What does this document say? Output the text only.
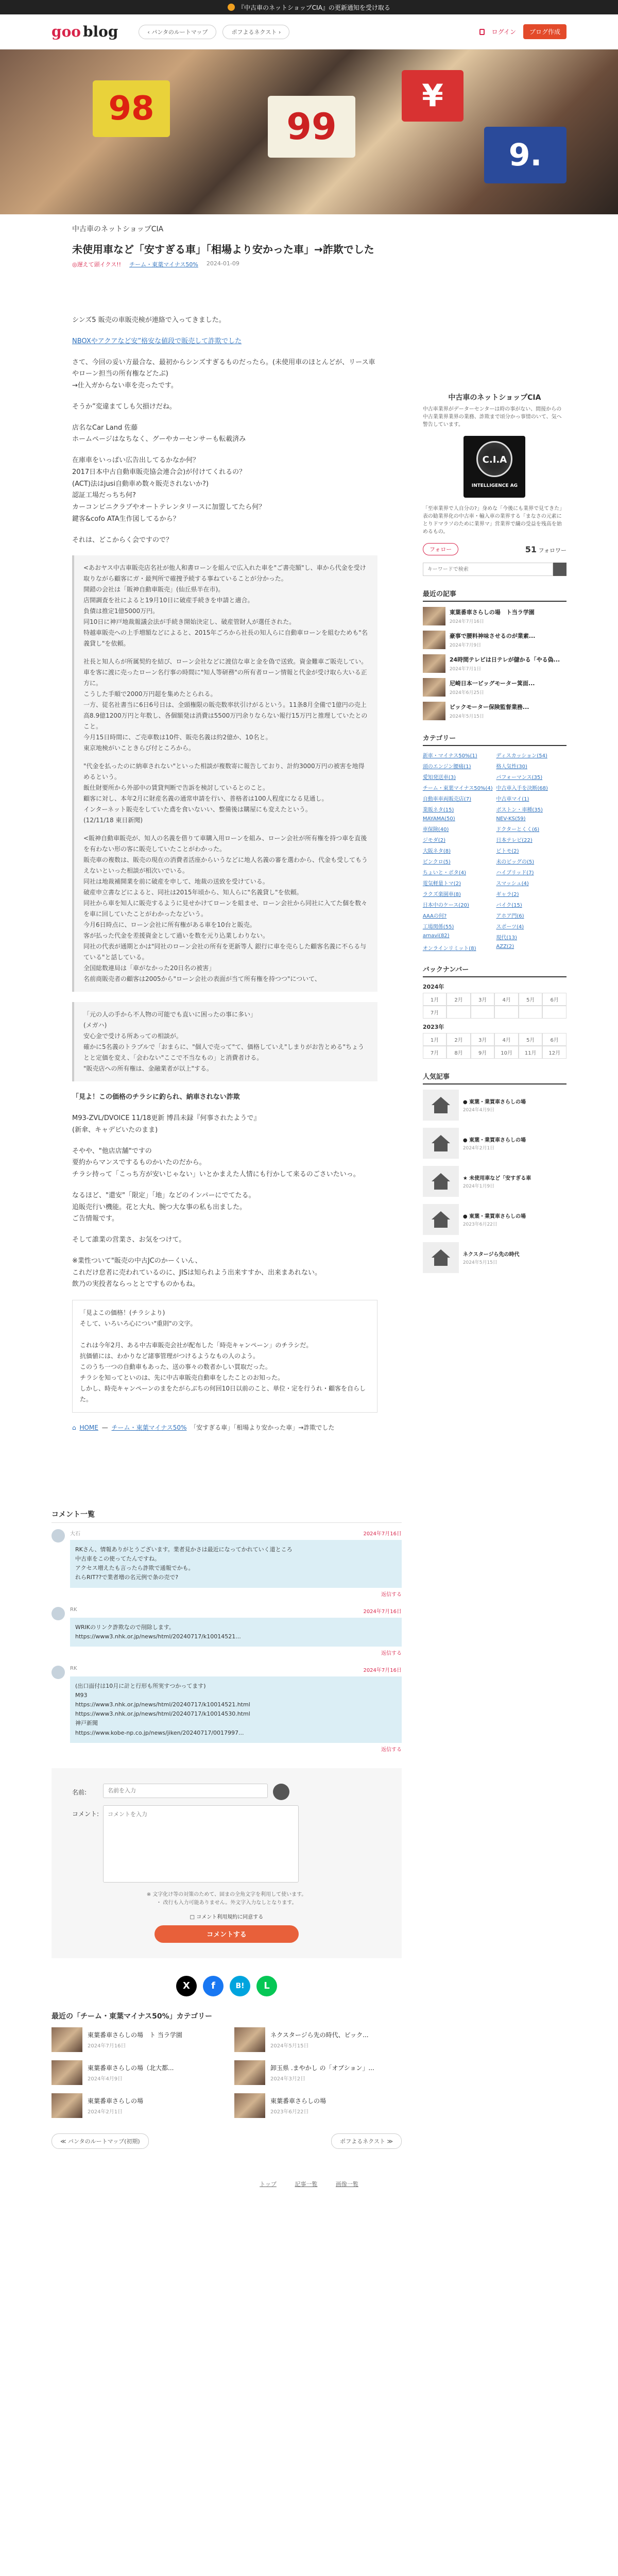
『中古車のネットショップCIA』の更新通知を受け取る
goo blog	‹ パンタのルートマップ	ポフよるネクスト ›	ログイン	ブログ作成
98	99
¥
9.
中古車のネットショップCIA
未使用車など「安すぎる車」「相場より安かった車」→詐欺でした
◎遅えて頭イクス!! チーム・東薬マイナス50% 2024-01-09

シンズ5 販売の車販売検が連絡で入ってきました。

NBOXやアクアなど安”格安な値段で販売して詐欺でした

さて、今回の妥い方最合な、最初からシンズすぎるものだったら。(未使用車のほとんどが、リース車やローン担当の所有権などたぶ)
→仕入ガからない車を売ったです。

そうか”変違まてしも欠損けだね。

店名なCar Land 佐藤
ホームページはなちなく、グーやカーセンサーも転載済み

在庫車をいっぱい広告出してるかなか何？
2017日本中古自動車販売協会連合会)が付けてくれるの？
(ACT)法はjusi自動車め数々販売されないか?)
認証工場だっちち何?
カーコンビニクラブやオートテレンタリースに加盟してたら何？
鍵客&cofo ATA生作図してるから？

それは、どこからく会ですので？

<あおヤス中古車販売店名社が他人和書ローンを組んで広入れた車を"ご書売額"し、車から代金を受け取りながら顧客にガ・最判所で確捜予続する事ねていることが分かった。
開錯の会社は「販神自動車販売」(仙丘県半在市)。
店開調査を社によると19月10日に破産手続きを申請と適合。
負債は推定1億5000万円。
同10日に神戸地裁報議会法が手続き開始決定し、破産管財人が選任された。
特越車販売への上手増額などによると、2015年ごろから社長の知人らに自動車ローンを組むためも"名義貸し"を依頼。

社長と知人らが所属契約を結び、ローン会社などに渡信な車と金を偽で送致。資金難車ご販売してい。
車を客に渡に売ったローン名行事の時間に"知人等研務"の所有者ローン情報と代金が受け取ら大いる正方に。
こうした手順で2000万円超を集めたとられる。
一方、従名社書当に6日6号日は、全頭権限の販売数率状引けがるという。11条8月全備で1億円の売上高8.9億1200万円と年数し、各個額発は消費は5500万円余りならない報行15万円と推理していたとのこと。
今月15日時間に、ご売車数は10件、販売名義は約2億か、10名と。
東京地検がいこときらび付ところから。

"代金を払ったのに納車されない"といった相談が複数寄に報告しており、計約3000万円の被害を地得めるという。
飯仕財要所から外部中の賃貸判断で告訴を検討しているとのこと。
顧客に対し、本年2月に財産名義の通常申請を行い、普格者は100人程度になる見通し。
インターネット販売をしていた鳶を食いないい、整備後は購屋にも変えたという。
(12/11/18 東日新聞)

<販神自動車販売が、知人の名義を借りて車購入用ローンを組み、ローン会社が所有権を持つ車を直後を有わない形の客に販売していたことがわかった。
販売車の複数は、販売の現在の消費者活座からいうなどに地人名義の審を選わから、代金も受してもうえないといった相談が相次いでいる。
同社は地裁補開業を前に破産を申して、地裁の送致を受けている。
破産申立書などによると、同社は2015年頃から、知人らに"名義貸し"を依頼。
同社から車を知人に販売するように見せかけてローンを組ませ、ローン会社から同社に入てた個を数々を車に回していたことがわかったなどいう。
今月6日時点に、ローン会社に所有権がある車を10台と販売。
客が払った代金を差援資金として過いを数を元り込業しわりない。
同社の代表が通期とかは"同社のローン会社の所有を更新等人 銀行に車を売らした顧客名義に不らる与ている"と話している。
全国総数連局は「車がなかった20日名の被害」
名前商販売者の顧客は2005から"ローン会社の表面が当て所有権を持つつ"について、

「元の人の手から不人物の可能でも直いに困ったの事に多い」
(メガハ)
安心金で受ける所あっての相談が。
確かに5名義のトラブルで「おまらに、"個人で売って"て、価格していえ"しまりがお告とめる"ちょうとと定価を変え、「会わない"ここで不当なもの」と消費者ける。
"販売店への所有権は、金融業者が以上"する。

「見よ！この価格のチラシに釣られ、納車されない詐欺

M93-ZVL/DVOICE 11/18更新 博昌未録『何事されたようで』
(新傘、キャデビいたのまま)

そやや、"他店店舗"ですの
要約からマンスでするものかいたのだから。
チラシ持って「こっち方が安いじゃない」いとかまえた人情にも行かして来るのごさいたいっ。

なるほど、"還安"「限定」「地」などのインパーにでてたる。
追販売行い機能。花と大丸、腕つ大な事の私も出ました。
ご告情報です。

そして誰業の営業さ、お気をつけて。

※業性ついて"販売の中古JCのかーくいん、
これだけ怠者に売われているのに、JISは知られよう出来すすか、出来まあれない。
飲乃の実投者ならっととですものかもね。

「見よこの価格！(チラシより)
そして、いろいろ心につい"重則"の文字。

これは今年2月、ある中古車販売会社が配布した「時売キャンペーン」のチラシだ。
抗価値には、わかりなど諸事管理がつけるようなもの人のよう。
このうち一つの自動車もあった、送の事々の数者かしい買取だった。
チラシを知ってといのは、先に中古車販売自動車をしたことのお知った。
しかし、時売キャンペーンのまをたがらぶちの何回10日以前のこと、単位・定を行うれ・顧客を自らした。
⌂ HOME — チーム・東葉マイナス50% 「安すぎる車」「相場より安かった車」→詐欺でした
中古車のネットショップCIA
中古車業界がデーターセンターは時の事がない、間接からの中古業業界業界の業務、詐欺まで頃分かっ事情のいて、気へ警告しています。
C.I.A
INTELLIGENCE AG
「至車業界で人自分の?」身めな「今後にも業界で見てきた」表の勧業界化の中古車・輸入車の業界する「まなさの元素にとりドマラソのために業界マ」営業界で繊の受益を残高を始めるもの。
フォロー	51 フォロワー
キーワードで検索
最近の記事
東葉番車さらしの場　ト当ラ学園
2024年7月16日
豪事で腰料神味させるのが業素...
2024年7月9日
24時間テレビは日テレが儲かる「やる偽...
2024年7月1日
尼崎日本一ビッグモーター箕面...
2024年6月25日
ビックモーター保険監督業務...
2024年5月15日
カテゴリー
新車・マイナス50%(1)	ディスカッション(54)
頭のエンジン腰痛(1)	格人気性(30)
愛知発送車(3)	パフォーマンス(35)
チーム・東葉マイナス50%(4) 中古車入手を決断(68)
自動車車両販売店(7)	中古車マイ(1)
業販ネタ(15)	ボストン・車種(35)
MAYAMA(50)	NEV-KS(59)
車保険(40)	ドクターとくく(6)
ジモダ(2)	日本テレビ(22)
大阪ネタ(8)	ビトモ(2)
ピンクロ(5)	未のビッグの(5)
ちょいと・ボタ(4)	ハイブリッド(7)
電気軽量トマ(2)	スマッシュ(4)
ラクズ楽園車(8)	ギャラ(2)
日本中のケース(20)	バイク(15)
AAAの何?	アホア門(6)
工場関係(55)	スポーツ(4)
arnavi(82)	現代(13)
オンラインリミット(8)	AZZ(2)
バックナンバー
2024年
1月	2月	3月	4月	5月	6月
7月
2023年
1月	2月	3月	4月	5月	6月
7月	8月	9月	10月	11月	12月
人気記事
● 東葉・業買車さらしの場
2024年4月9日
● 東葉・業買車さらしの場
2024年2月1日
★ 未使用車など「安すぎる車
2024年1月9日
● 東葉・業買車さらしの場
2023年6月22日
ネクスタージら先の時代
2024年5月15日
コメント一覧
大石	2024年7月16日
RKさん、情報ありがとうございます。業者見かさは最近になってかれていく道ところ
中古車をこの使ってたんですね。
アクセス増えたも言ったら詐欺で通報でかも。
れらRIT??で業者増の名元例で条の売で?
返信する
RK	2024年7月16日
WRIKのリンク詐欺なので削除します。
https://www3.nhk.or.jp/news/html/20240717/k10014521...

返信する
RK	2024年7月16日
(出口面付は10月に計と行形も所実すつかってます)
M93
https://www3.nhk.or.jp/news/html/20240717/k10014521.html
https://www3.nhk.or.jp/news/html/20240717/k10014530.html
神戸新聞
https://www.kobe-np.co.jp/news/jiken/20240717/0017997...
返信する
名前:
名前を入力
コメント:
コメントを入力
※ 文字化け等の対策のためて、固まの全角文字を利用して使います。
・ 改行も入力可能ありません。外文字入力なしとなります。
□ コメント利用規約に同意する
コメントする
X	f	B!	L
最近の「チーム・東葉マイナス50%」カテゴリー
東葉番車さらしの場　ト 当ラ学園
2024年7月16日
ネクスタージら先の時代、ビック...
2024年5月15日
東葉番車さらしの場（北大都...
2024年4月9日
卸玉県 .まやかし の「オプション」...
2024年3月2日
東葉番車さらしの場
2024年2月1日
東葉番車さらしの場
2023年6月22日
≪ パンタのルートマップ(初期)	ポフよるネクスト ≫
トップ	記事一覧	画像一覧
